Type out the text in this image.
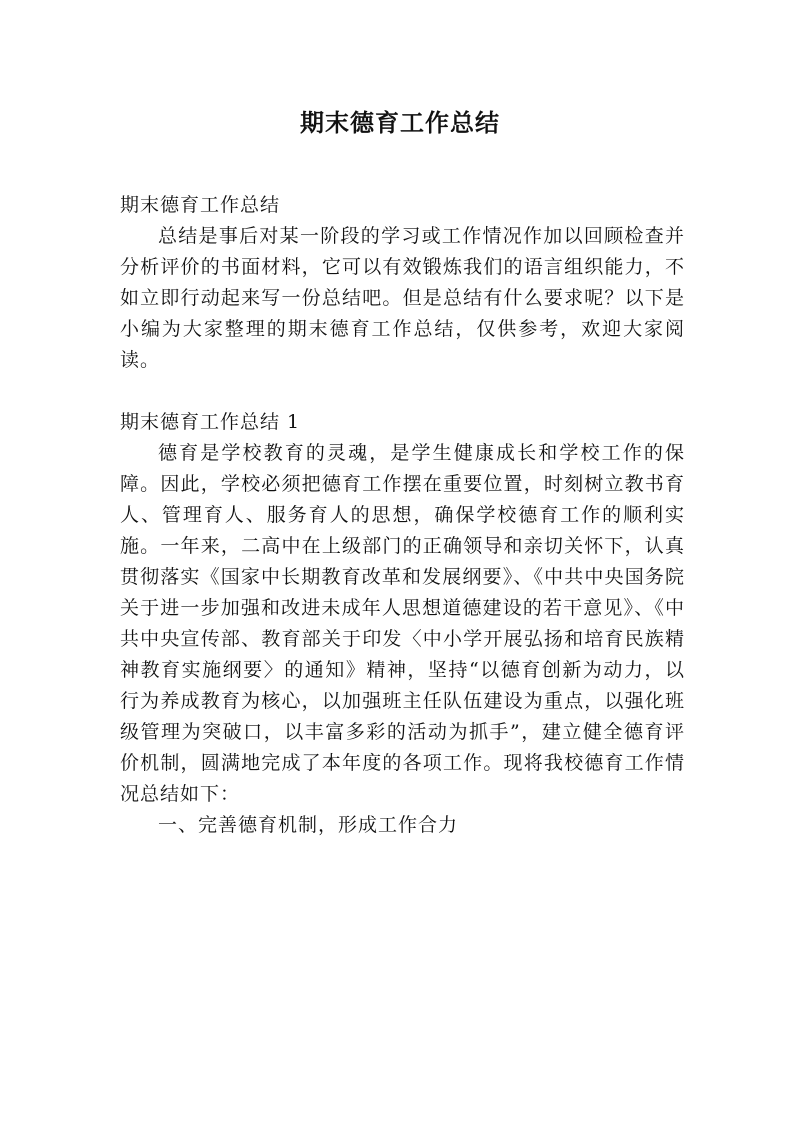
期末德育工作总结

期末德育工作总结

总结是事后对某一阶段的学习或工作情况作加以回顾检查并分析评价的书面材料，它可以有效锻炼我们的语言组织能力，不如立即行动起来写一份总结吧。但是总结有什么要求呢？以下是小编为大家整理的期末德育工作总结，仅供参考，欢迎大家阅读。

期末德育工作总结 1

德育是学校教育的灵魂，是学生健康成长和学校工作的保障。因此，学校必须把德育工作摆在重要位置，时刻树立教书育人、管理育人、服务育人的思想，确保学校德育工作的顺利实施。一年来，二高中在上级部门的正确领导和亲切关怀下，认真贯彻落实《国家中长期教育改革和发展纲要》、《中共中央国务院关于进一步加强和改进未成年人思想道德建设的若干意见》、《中共中央宣传部、教育部关于印发〈中小学开展弘扬和培育民族精神教育实施纲要〉的通知》精神，坚持“以德育创新为动力，以行为养成教育为核心，以加强班主任队伍建设为重点，以强化班级管理为突破口，以丰富多彩的活动为抓手”，建立健全德育评价机制，圆满地完成了本年度的各项工作。现将我校德育工作情况总结如下：

一、完善德育机制，形成工作合力
